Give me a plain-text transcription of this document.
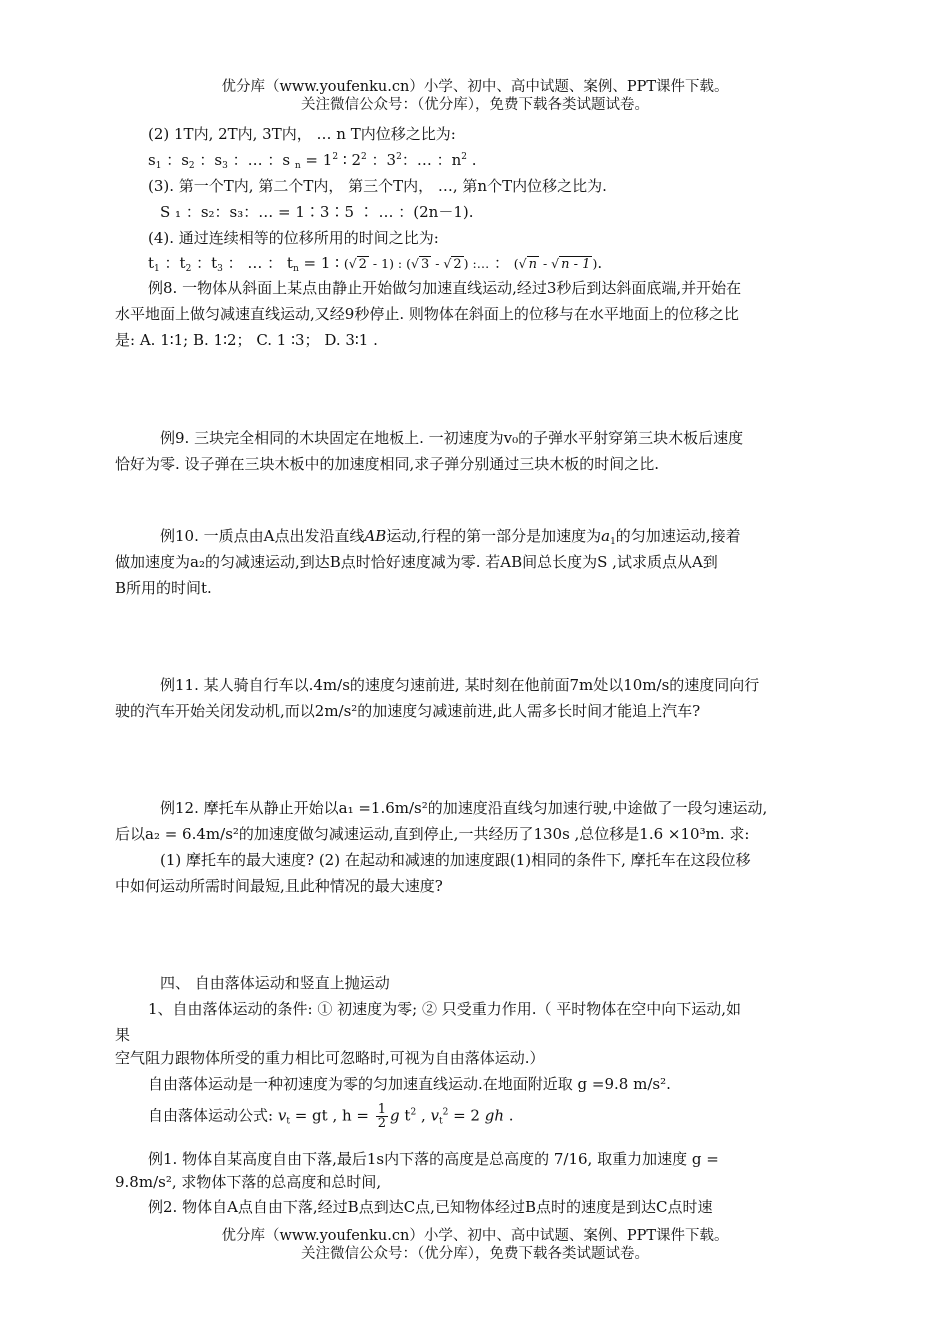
优分库（www.youfenku.cn）小学、初中、高中试题、案例、PPT课件下载。
关注微信公众号：（优分库），免费下载各类试题试卷。
(2) 1T内, 2T内, 3T内， … n T内位移之比为:
$s_1$ ：$s_2$ ：$s_3$ ：… ：s $_n = 1^2$ ∶ $2^2$ ：$3^2$：… ：$n^2$ .
(3). 第一个T内, 第二个T内， 第三个T内， …, 第n个T内位移之比为.
S ₁ ：s₂：s₃：… = 1∶3∶5 ∶ … ：(2n－1).
(4). 通过连续相等的位移所用的时间之比为:
$t_1$ ：$t_2$ ：$t_3$ ： … ： $t_n = 1$ ∶ (√ 2 - 1) : (√ 3 - √ 2 ) :… ： (√ n - √ n - 1 ).
例8. 一物体从斜面上某点由静止开始做匀加速直线运动,经过3秒后到达斜面底端,并开始在
水平地面上做匀减速直线运动,又经9秒停止. 则物体在斜面上的位移与在水平地面上的位移之比
是: A. 1∶1; B. 1∶2； C. 1 ∶3； D. 3∶1 .
例9. 三块完全相同的木块固定在地板上. 一初速度为v₀的子弹水平射穿第三块木板后速度
恰好为零. 设子弹在三块木板中的加速度相同,求子弹分别通过三块木板的时间之比.
例10. 一质点由A点出发沿直线AB运动,行程的第一部分是加速度为$a_1$的匀加速运动,接着
做加速度为a₂的匀减速运动,到达B点时恰好速度减为零. 若AB间总长度为S ,试求质点从A到
B所用的时间t.
例11. 某人骑自行车以.4m/s的速度匀速前进, 某时刻在他前面7m处以10m/s的速度同向行
驶的汽车开始关闭发动机,而以2m/s²的加速度匀减速前进,此人需多长时间才能追上汽车?
例12. 摩托车从静止开始以a₁ =1.6m/s²的加速度沿直线匀加速行驶,中途做了一段匀速运动,
后以a₂ = 6.4m/s²的加速度做匀减速运动,直到停止,一共经历了130s ,总位移是1.6 ×10³m. 求:
(1) 摩托车的最大速度? (2) 在起动和减速的加速度跟(1)相同的条件下, 摩托车在这段位移
中如何运动所需时间最短,且此种情况的最大速度?
四、 自由落体运动和竖直上抛运动
1、自由落体运动的条件: ① 初速度为零; ② 只受重力作用.（ 平时物体在空中向下运动,如
果
空气阻力跟物体所受的重力相比可忽略时,可视为自由落体运动.）
自由落体运动是一种初速度为零的匀加速直线运动.在地面附近取 g =9.8 m/s².
自由落体运动公式: $v_t$ = gt , $h = \frac{1}{2}$ g $t^2$ , $v_t^2 = 2$ gh .
例1. 物体自某高度自由下落,最后1s内下落的高度是总高度的 7/16, 取重力加速度 g =
9.8m/s², 求物体下落的总高度和总时间,
例2. 物体自A点自由下落,经过B点到达C点,已知物体经过B点时的速度是到达C点时速
优分库（www.youfenku.cn）小学、初中、高中试题、案例、PPT课件下载。
关注微信公众号：（优分库），免费下载各类试题试卷。
